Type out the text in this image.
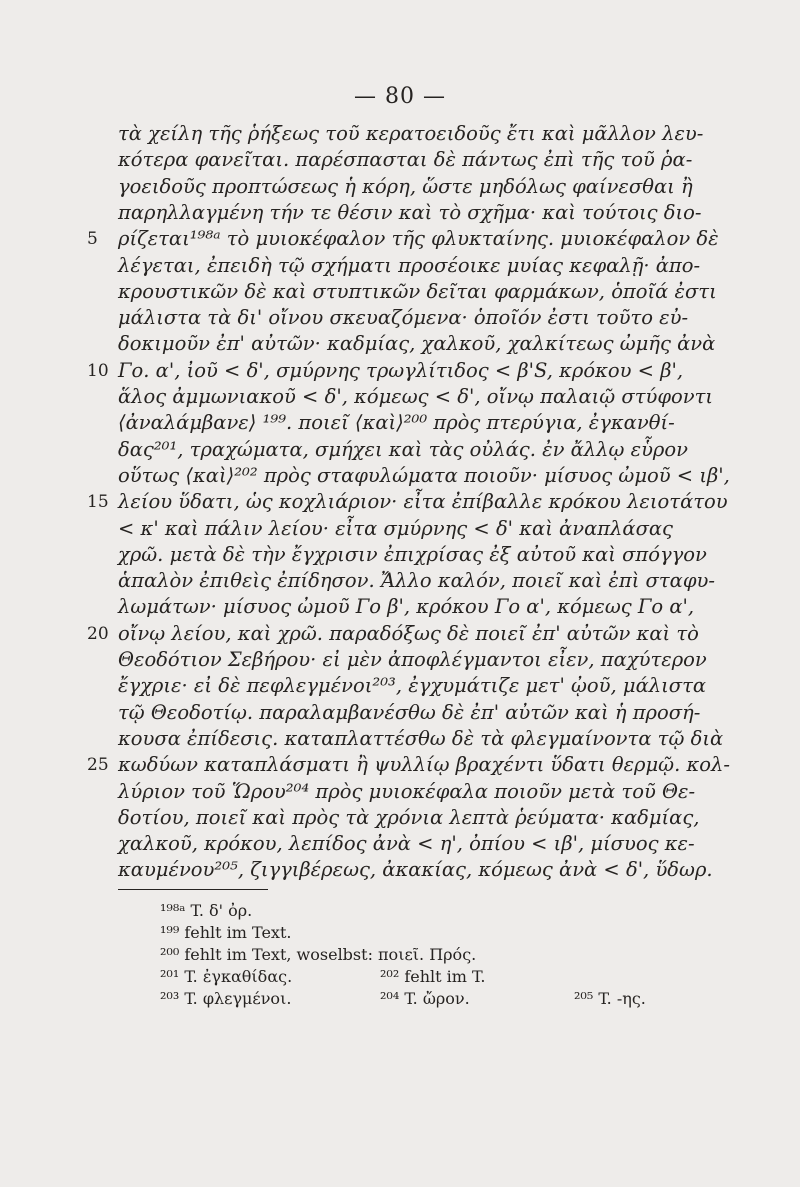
— 80 —
τὰ χείλη τῆς ῥήξεως τοῦ κερατοειδοῦς ἔτι καὶ μᾶλλον λευ-
κότερα φανεῖται. παρέσπασται δὲ πάντως ἐπὶ τῆς τοῦ ῥα-
γοειδοῦς προπτώσεως ἡ κόρη, ὥστε μηδόλως φαίνεσθαι ἢ
παρηλλαγμένη τήν τε θέσιν καὶ τὸ σχῆμα· καὶ τούτοις διο-
5	ρίζεται¹⁹⁸ᵃ τὸ μυιοκέφαλον τῆς φλυκταίνης. μυιοκέφαλον δὲ
λέγεται, ἐπειδὴ τῷ σχήματι προσέοικε μυίας κεφαλῇ· ἀπο-
κρουστικῶν δὲ καὶ στυπτικῶν δεῖται φαρμάκων, ὁποῖά ἐστι
μάλιστα τὰ δι' οἴνου σκευαζόμενα· ὁποῖόν ἐστι τοῦτο εὐ-
δοκιμοῦν ἐπ' αὐτῶν· καδμίας, χαλκοῦ, χαλκίτεως ὠμῆς ἀνὰ
10 Γο. α', ἰοῦ < δ', σμύρνης τρωγλίτιδος < β'S, κρόκου < β',
ἅλος ἀμμωνιακοῦ < δ', κόμεως < δ', οἴνῳ παλαιῷ στύφοντι
⟨ἀναλάμβανε⟩ ¹⁹⁹. ποιεῖ ⟨καὶ⟩²⁰⁰ πρὸς πτερύγια, ἐγκανθί-
δας²⁰¹, τραχώματα, σμήχει καὶ τὰς οὐλάς. ἐν ἄλλῳ εὗρον
οὕτως ⟨καὶ⟩²⁰² πρὸς σταφυλώματα ποιοῦν· μίσυος ὠμοῦ < ιβ',
15 λείου ὕδατι, ὡς κοχλιάριον· εἶτα ἐπίβαλλε κρόκου λειοτάτου
< κ' καὶ πάλιν λείου· εἶτα σμύρνης < δ' καὶ ἀναπλάσας
χρῶ. μετὰ δὲ τὴν ἔγχρισιν ἐπιχρίσας ἐξ αὐτοῦ καὶ σπόγγον
ἁπαλὸν ἐπιθεὶς ἐπίδησον. Ἄλλο καλόν, ποιεῖ καὶ ἐπὶ σταφυ-
λωμάτων· μίσυος ὠμοῦ Γο β', κρόκου Γο α', κόμεως Γο α',
20 οἴνῳ λείου, καὶ χρῶ. παραδόξως δὲ ποιεῖ ἐπ' αὐτῶν καὶ τὸ
Θεοδότιον Σεβήρου· εἰ μὲν ἀποφλέγμαντοι εἶεν, παχύτερον
ἔγχριε· εἰ δὲ πεφλεγμένοι²⁰³, ἐγχυμάτιζε μετ' ᾠοῦ, μάλιστα
τῷ Θεοδοτίῳ. παραλαμβανέσθω δὲ ἐπ' αὐτῶν καὶ ἡ προσή-
κουσα ἐπίδεσις. καταπλαττέσθω δὲ τὰ φλεγμαίνοντα τῷ διὰ
25 κωδύων καταπλάσματι ἢ ψυλλίῳ βραχέντι ὕδατι θερμῷ. κολ-
λύριον τοῦ Ὥρου²⁰⁴ πρὸς μυιοκέφαλα ποιοῦν μετὰ τοῦ Θε-
δοτίου, ποιεῖ καὶ πρὸς τὰ χρόνια λεπτὰ ῥεύματα· καδμίας,
χαλκοῦ, κρόκου, λεπίδος ἀνὰ < η', ὀπίου < ιβ', μίσυος κε-
καυμένου²⁰⁵, ζιγγιβέρεως, ἀκακίας, κόμεως ἀνὰ < δ', ὕδωρ.
¹⁹⁸ᵃ T. δ' ὀρ.
¹⁹⁹ fehlt im Text.
²⁰⁰ fehlt im Text, woselbst: ποιεῖ. Πρός.
²⁰¹ T. ἐγκαθίδας.	²⁰² fehlt im T.
²⁰³ T. φλεγμένοι.	²⁰⁴ T. ὤρον.	²⁰⁵ T. -ης.
